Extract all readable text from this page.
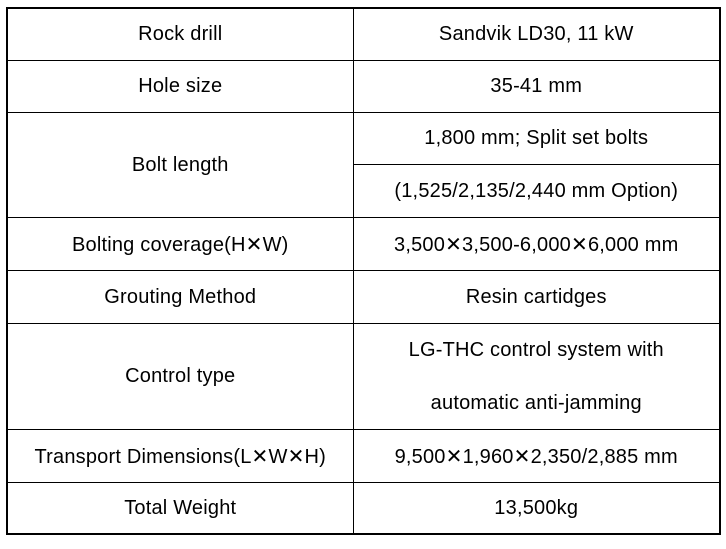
Rock drill	Sandvik LD30, 11 kW
Hole size	35-41 mm
Bolt length	1,800 mm; Split set bolts
	(1,525/2,135/2,440 mm Option)
Bolting coverage(H✕W)	3,500✕3,500-6,000✕6,000 mm
Grouting Method	Resin cartidges
Control type	LG-THC control system with
automatic anti-jamming

Transport Dimensions(L✕W✕H)	9,500✕1,960✕2,350/2,885 mm
Total Weight	13,500kg
